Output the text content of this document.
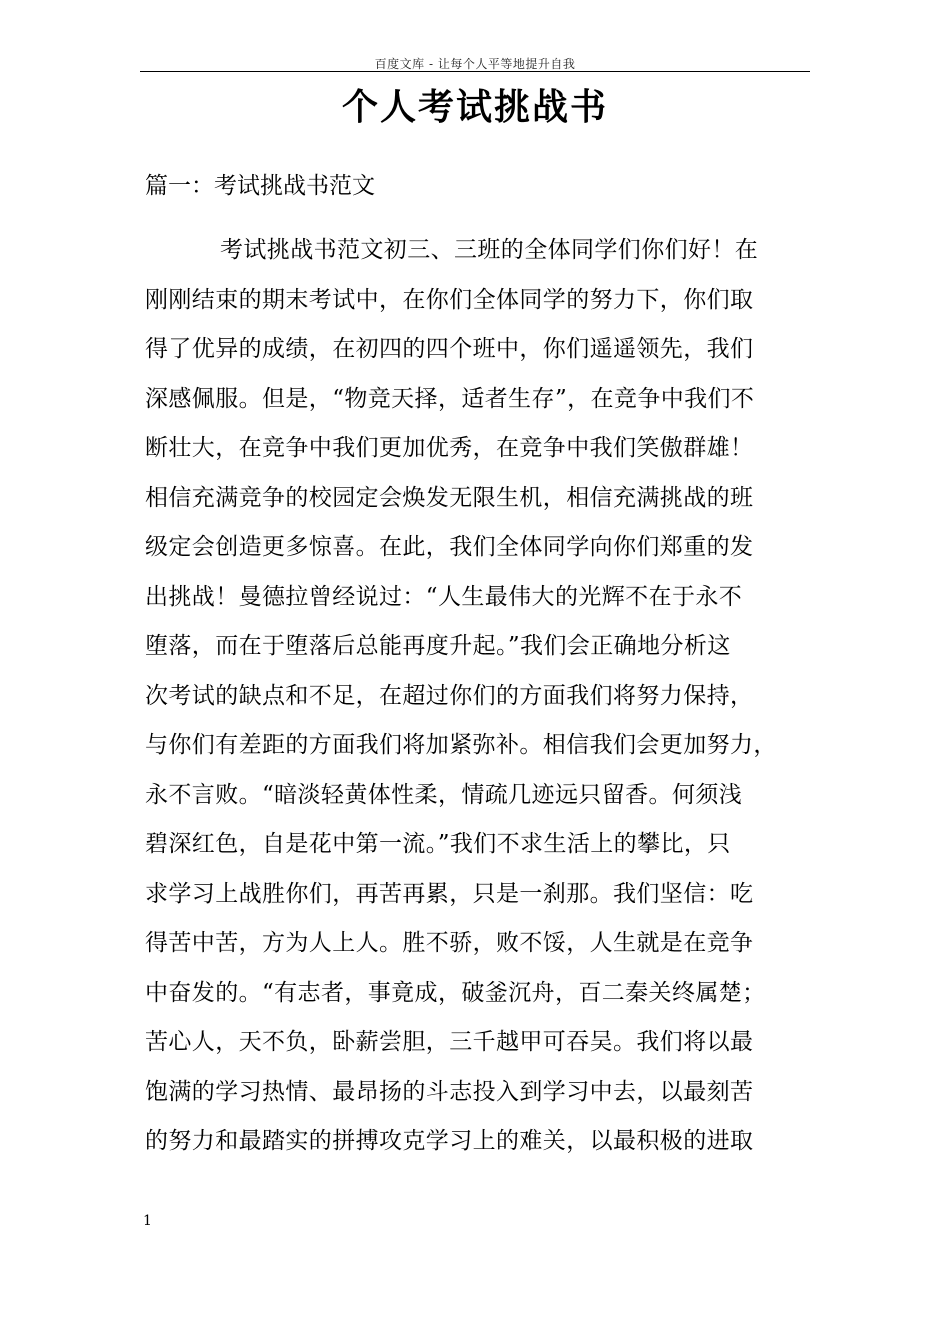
百度文库 - 让每个人平等地提升自我
个人考试挑战书
篇一：考试挑战书范文
考试挑战书范文初三、三班的全体同学们你们好！在
刚刚结束的期末考试中，在你们全体同学的努力下，你们取
得了优异的成绩，在初四的四个班中，你们遥遥领先，我们
深感佩服。但是，“物竞天择，适者生存”，在竞争中我们不
断壮大，在竞争中我们更加优秀，在竞争中我们笑傲群雄！
相信充满竞争的校园定会焕发无限生机，相信充满挑战的班
级定会创造更多惊喜。在此，我们全体同学向你们郑重的发
出挑战！曼德拉曾经说过：“人生最伟大的光辉不在于永不
堕落，而在于堕落后总能再度升起。”我们会正确地分析这
次考试的缺点和不足，在超过你们的方面我们将努力保持，
与你们有差距的方面我们将加紧弥补。相信我们会更加努力，
永不言败。“暗淡轻黄体性柔，情疏几迹远只留香。何须浅
碧深红色，自是花中第一流。”我们不求生活上的攀比，只
求学习上战胜你们，再苦再累，只是一刹那。我们坚信：吃
得苦中苦，方为人上人。胜不骄，败不馁，人生就是在竞争
中奋发的。“有志者，事竟成，破釜沉舟，百二秦关终属楚；
苦心人，天不负，卧薪尝胆，三千越甲可吞吴。我们将以最
饱满的学习热情、最昂扬的斗志投入到学习中去，以最刻苦
的努力和最踏实的拼搏攻克学习上的难关，以最积极的进取
1
